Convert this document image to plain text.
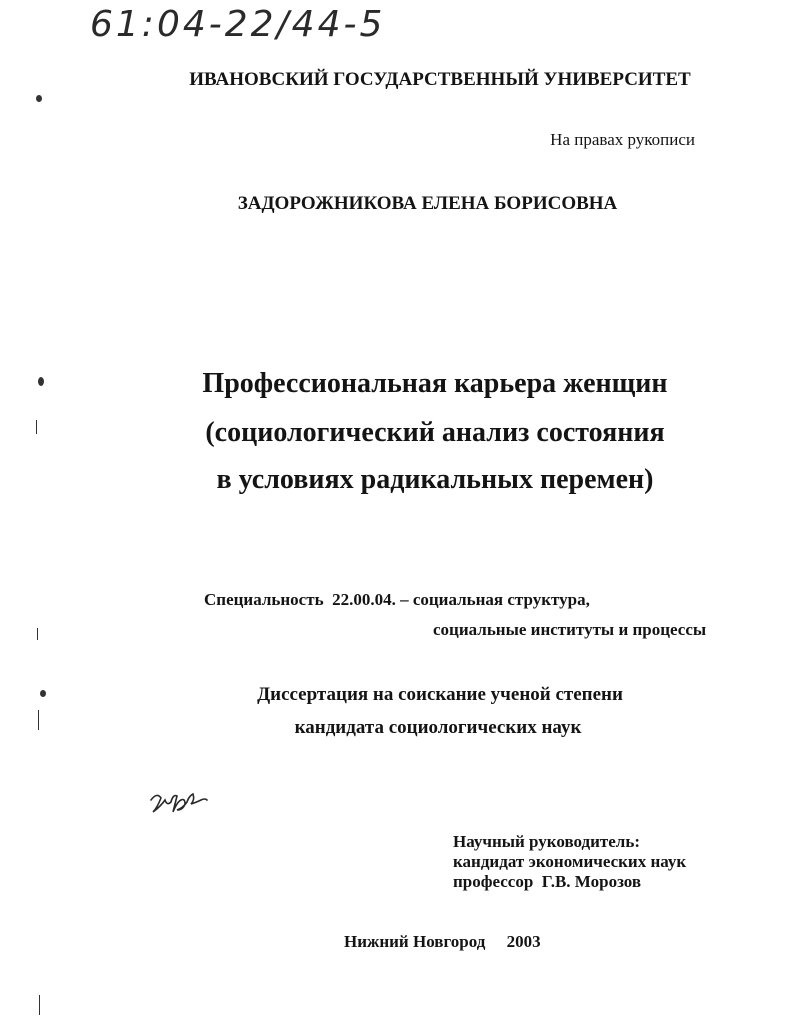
61:04-22/44-5

ИВАНОВСКИЙ ГОСУДАРСТВЕННЫЙ УНИВЕРСИТЕТ

На правах рукописи

ЗАДОРОЖНИКОВА ЕЛЕНА БОРИСОВНА

Профессиональная карьера женщин

(социологический анализ состояния

в условиях радикальных перемен)

Специальность  22.00.04. – социальная структура,

социальные институты и процессы

Диссертация на соискание ученой степени

кандидата социологических наук

Научный руководитель:

кандидат экономических наук

профессор  Г.В. Морозов

Нижний Новгород     2003
